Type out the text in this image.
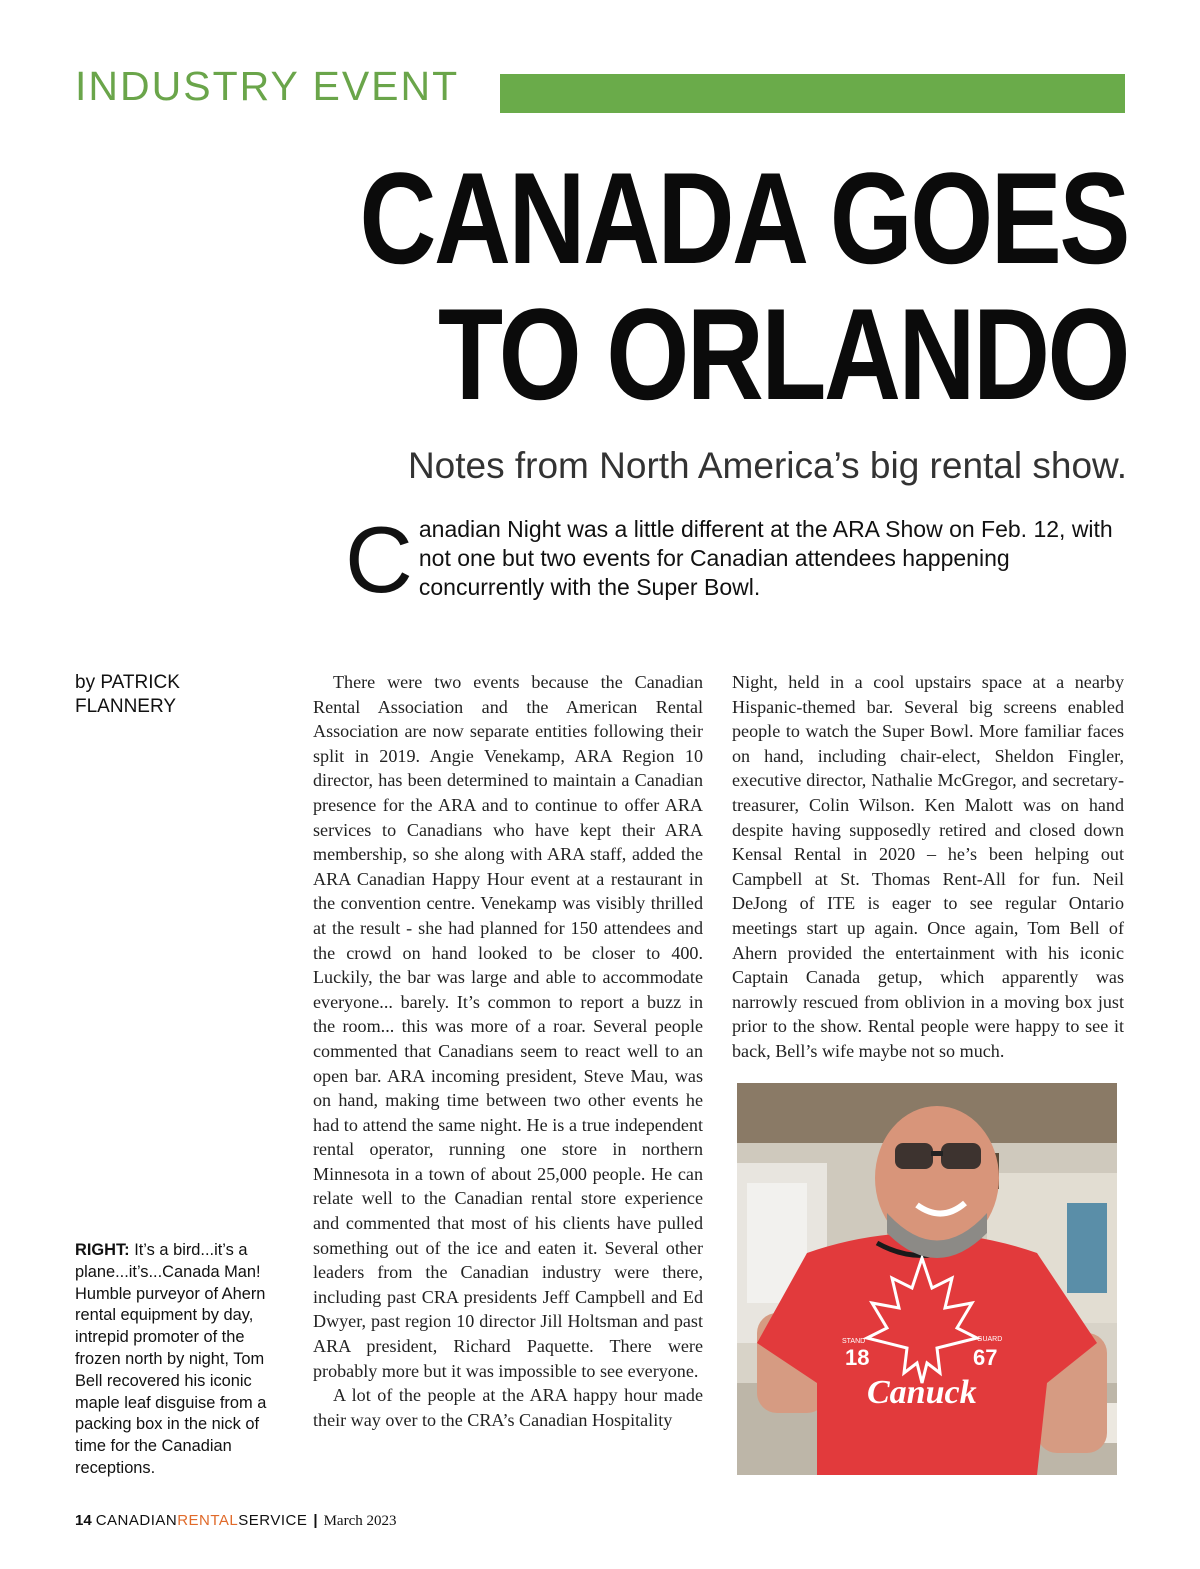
INDUSTRY EVENT
CANADA GOES
TO ORLANDO
Notes from North America’s big rental show.
Canadian Night was a little different at the ARA Show on Feb. 12, with not one but two events for Canadian attendees happening concurrently with the Super Bowl.
by PATRICK FLANNERY

There were two events because the Canadian Rental Association and the American Rental Association are now separate entities following their split in 2019. Angie Venekamp, ARA Region 10 director, has been determined to maintain a Canadian presence for the ARA and to continue to offer ARA services to Canadians who have kept their ARA membership, so she along with ARA staff, added the ARA Canadian Happy Hour event at a restaurant in the convention centre. Venekamp was visibly thrilled at the result - she had planned for 150 attendees and the crowd on hand looked to be closer to 400. Luckily, the bar was large and able to accommodate everyone... barely. It’s common to report a buzz in the room... this was more of a roar. Several people commented that Canadians seem to react well to an open bar. ARA incoming president, Steve Mau, was on hand, making time between two other events he had to attend the same night. He is a true independent rental operator, running one store in northern Minnesota in a town of about 25,000 people. He can relate well to the Canadian rental store experience and commented that most of his clients have pulled something out of the ice and eaten it. Several other leaders from the Canadian industry were there, including past CRA presidents Jeff Campbell and Ed Dwyer, past region 10 director Jill Holtsman and past ARA president, Richard Paquette. There were probably more but it was impossible to see everyone.

A lot of the people at the ARA happy hour made their way over to the CRA’s Canadian Hospitality

Night, held in a cool upstairs space at a nearby Hispanic-themed bar. Several big screens enabled people to watch the Super Bowl. More familiar faces on hand, including chair-elect, Sheldon Fingler, executive director, Nathalie McGregor, and secretary-treasurer, Colin Wilson. Ken Malott was on hand despite having supposedly retired and closed down Kensal Rental in 2020 – he’s been helping out Campbell at St. Thomas Rent-All for fun. Neil DeJong of ITE is eager to see regular Ontario meetings start up again. Once again, Tom Bell of Ahern provided the entertainment with his iconic Captain Canada getup, which apparently was narrowly rescued from oblivion in a moving box just prior to the show. Rental people were happy to see it back, Bell’s wife maybe not so much.

STAND	GUARD
18	67
Canuck
RIGHT: It’s a bird...it’s a plane...it’s...Canada Man! Humble purveyor of Ahern rental equipment by day, intrepid promoter of the frozen north by night, Tom Bell recovered his iconic maple leaf disguise from a packing box in the nick of time for the Canadian receptions.
14 CANADIANRENTALSERVICE | March 2023
